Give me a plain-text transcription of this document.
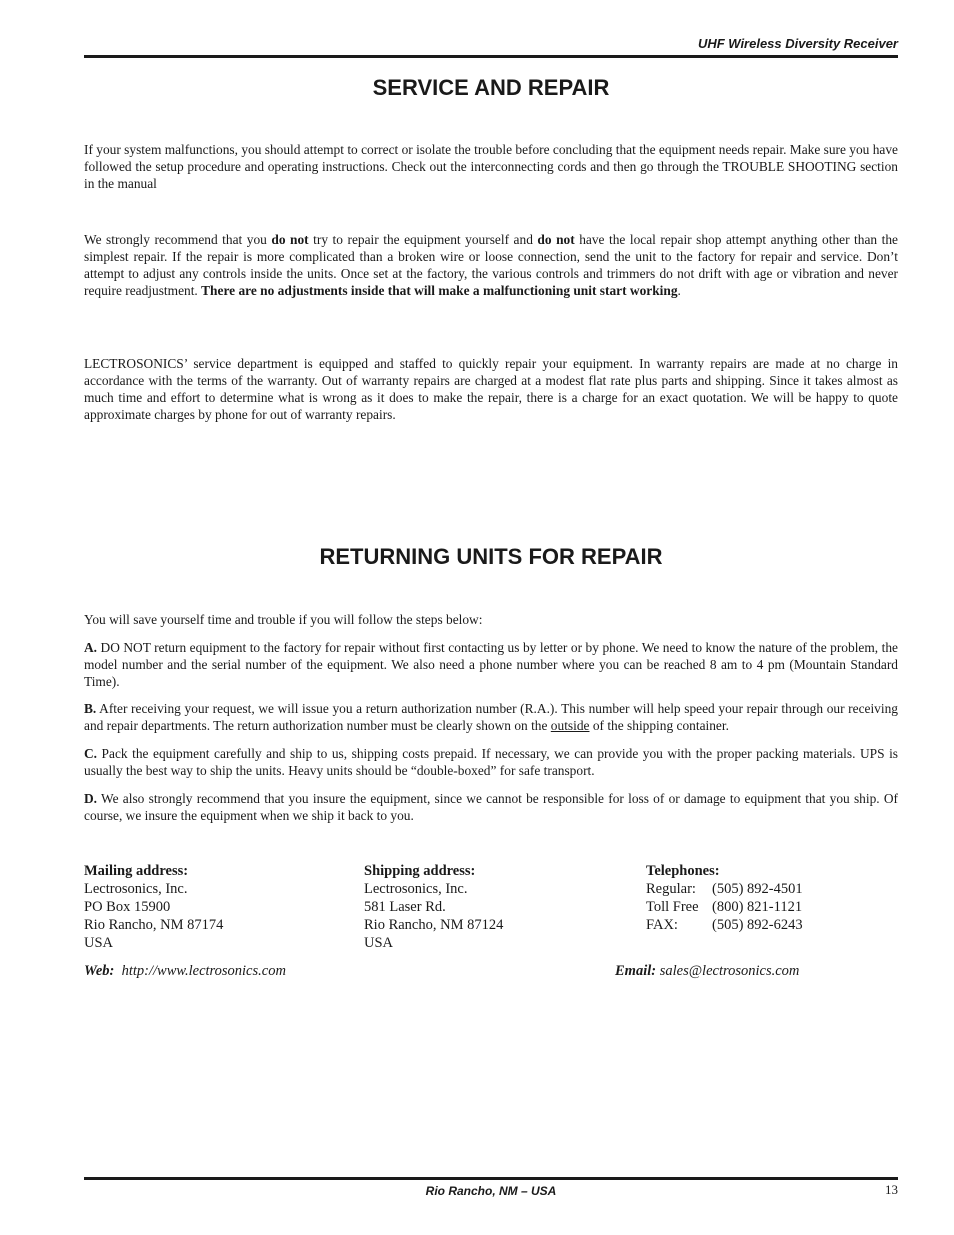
UHF Wireless Diversity Receiver
SERVICE AND REPAIR

If your system malfunctions, you should attempt to correct or isolate the trouble before concluding that the equipment needs repair. Make sure you have followed the setup procedure and operating instructions. Check out the interconnecting cords and then go through the TROUBLE SHOOTING section in the manual

We strongly recommend that you do not try to repair the equipment yourself and do not have the local repair shop attempt anything other than the simplest repair. If the repair is more complicated than a broken wire or loose connection, send the unit to the factory for repair and service. Don’t attempt to adjust any controls inside the units. Once set at the factory, the various controls and trimmers do not drift with age or vibration and never require readjustment. There are no adjustments inside that will make a malfunctioning unit start working.

LECTROSONICS’ service department is equipped and staffed to quickly repair your equipment. In warranty repairs are made at no charge in accordance with the terms of the warranty. Out of warranty repairs are charged at a modest flat rate plus parts and shipping. Since it takes almost as much time and effort to determine what is wrong as it does to make the repair, there is a charge for an exact quotation. We will be happy to quote approximate charges by phone for out of warranty repairs.

RETURNING UNITS FOR REPAIR

You will save yourself time and trouble if you will follow the steps below:

A. DO NOT return equipment to the factory for repair without first contacting us by letter or by phone. We need to know the nature of the problem, the model number and the serial number of the equipment. We also need a phone number where you can be reached 8 am to 4 pm (Mountain Standard Time).

B. After receiving your request, we will issue you a return authorization number (R.A.). This number will help speed your repair through our receiving and repair departments. The return authorization number must be clearly shown on the outside of the shipping container.

C. Pack the equipment carefully and ship to us, shipping costs prepaid. If necessary, we can provide you with the proper packing materials. UPS is usually the best way to ship the units. Heavy units should be “double-boxed” for safe transport.

D. We also strongly recommend that you insure the equipment, since we cannot be responsible for loss of or damage to equipment that you ship. Of course, we insure the equipment when we ship it back to you.

Mailing address:
Lectrosonics, Inc.
PO Box 15900
Rio Rancho, NM 87174
USA
Shipping address:
Lectrosonics, Inc.
581 Laser Rd.
Rio Rancho, NM 87124
USA
Telephones:
Regular:	(505) 892-4501
Toll Free (800) 821-1121
FAX:	(505) 892-6243
Web: http://www.lectrosonics.com	Email: sales@lectrosonics.com
Rio Rancho, NM – USA	13
